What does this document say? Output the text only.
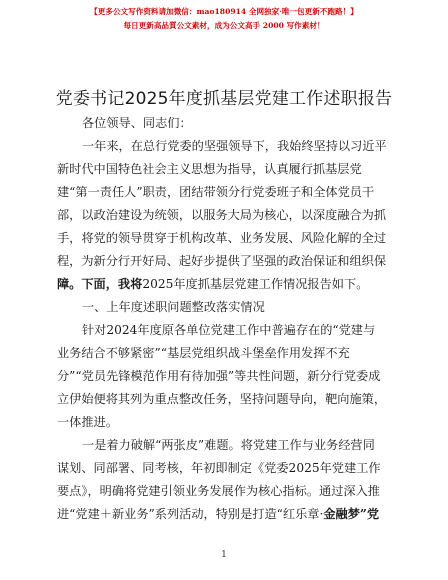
【更多公文写作资料请加微信：mao180914 全网独家·唯一包更新不跑路！】
每日更新高品質公文素材，成为公文高手 2000 写作素材！
党委书记2025年度抓基层党建工作述职报告
各位领导、同志们：
一年来，在总行党委的坚强领导下，我始终坚持以习近平
新时代中国特色社会主义思想为指导，认真履行抓基层党
建“第一责任人”职责，团结带领分行党委班子和全体党员干
部，以政治建设为统领，以服务大局为核心，以深度融合为抓
手，将党的领导贯穿于机构改革、业务发展、风险化解的全过
程，为新分行开好局、起好步提供了坚强的政治保证和组织保
障。下面，我将2025年度抓基层党建工作情况报告如下。
一、上年度述职问题整改落实情况
针对2024年度原各单位党建工作中普遍存在的“党建与
业务结合不够紧密”“基层党组织战斗堡垒作用发挥不充
分”“党员先锋模范作用有待加强”等共性问题，新分行党委成
立伊始便将其列为重点整改任务，坚持问题导向，靶向施策，
一体推进。
一是着力破解“两张皮”难题。将党建工作与业务经营同
谋划、同部署、同考核，年初即制定《党委2025年党建工作
要点》，明确将党建引领业务发展作为核心指标。通过深入推
进“党建＋新业务”系列活动，特别是打造“红乐章·金融梦”党
1
